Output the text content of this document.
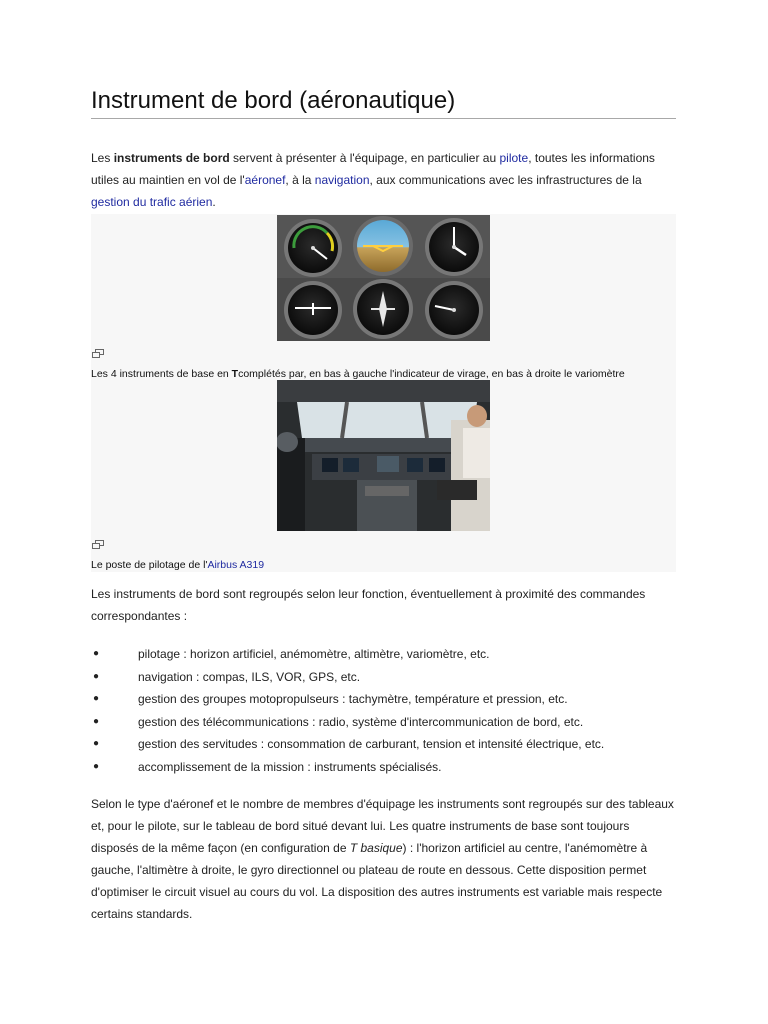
Instrument de bord (aéronautique)
Les instruments de bord servent à présenter à l'équipage, en particulier au pilote, toutes les informations utiles au maintien en vol de l'aéronef, à la navigation, aux communications avec les infrastructures de la gestion du trafic aérien.
Les 4 instruments de base en Tcomplétés par, en bas à gauche l'indicateur de virage, en bas à droite le variomètre
Le poste de pilotage de l'Airbus A319
Les instruments de bord sont regroupés selon leur fonction, éventuellement à proximité des commandes correspondantes :
●	pilotage : horizon artificiel, anémomètre, altimètre, variomètre, etc.
●	navigation : compas, ILS, VOR, GPS, etc.
●	gestion des groupes motopropulseurs : tachymètre, température et pression, etc.
●	gestion des télécommunications : radio, système d'intercommunication de bord, etc.
●	gestion des servitudes : consommation de carburant, tension et intensité électrique, etc.
●	accomplissement de la mission : instruments spécialisés.
Selon le type d'aéronef et le nombre de membres d'équipage les instruments sont regroupés sur des tableaux et, pour le pilote, sur le tableau de bord situé devant lui. Les quatre instruments de base sont toujours disposés de la même façon (en configuration de T basique) : l'horizon artificiel au centre, l'anémomètre à gauche, l'altimètre à droite, le gyro directionnel ou plateau de route en dessous. Cette disposition permet d'optimiser le circuit visuel au cours du vol. La disposition des autres instruments est variable mais respecte certains standards.
